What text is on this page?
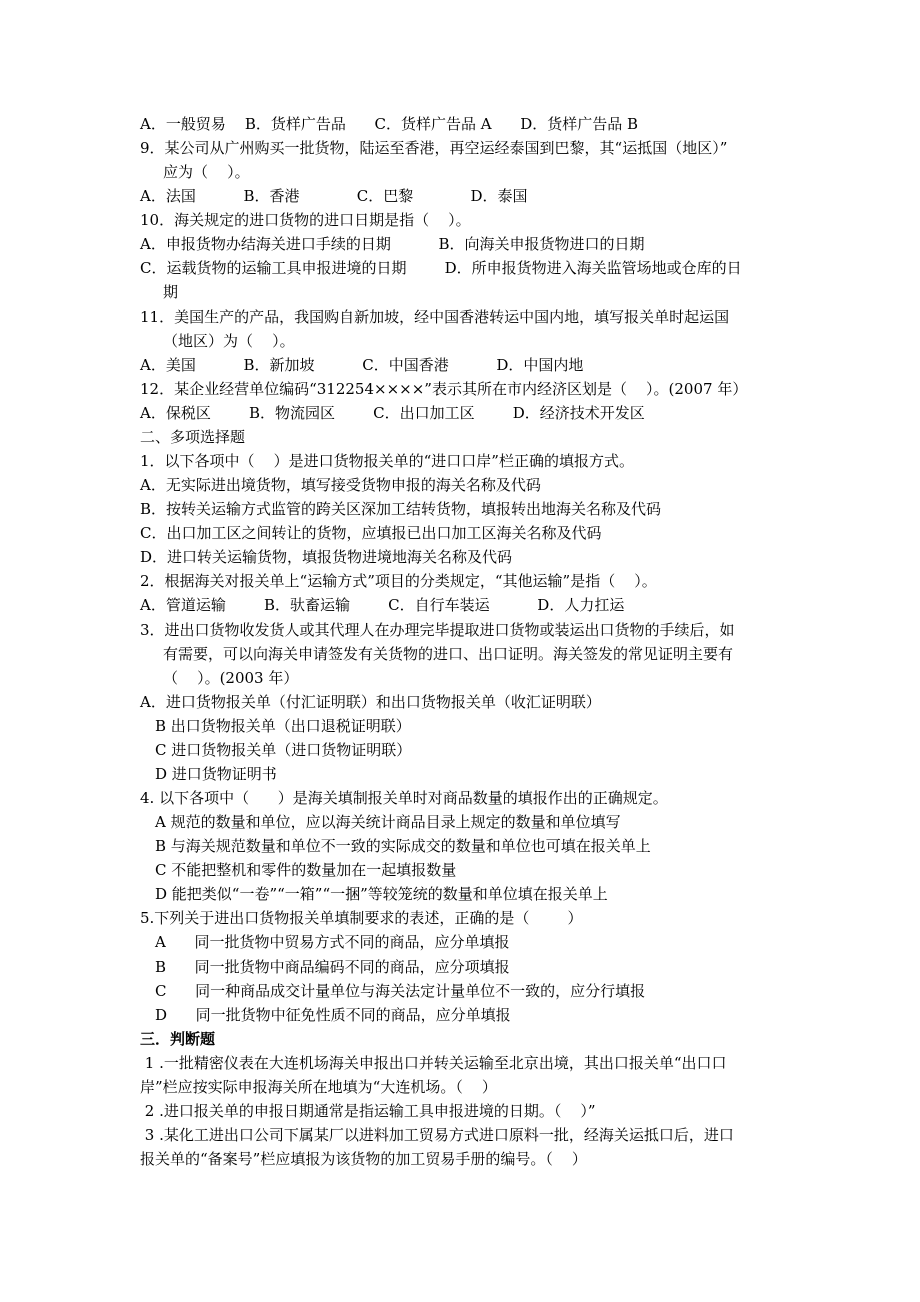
A．一般贸易    B．货样广告品      C．货样广告品 A      D．货样广告品 B
9．某公司从广州购买一批货物，陆运至香港，再空运经泰国到巴黎，其“运抵国（地区）”
应为（    ）。
A．法国          B．香港            C．巴黎            D．泰国
10．海关规定的进口货物的进口日期是指（    ）。
A．申报货物办结海关进口手续的日期          B．向海关申报货物进口的日期
C．运载货物的运输工具申报进境的日期        D．所申报货物进入海关监管场地或仓库的日
期
11．美国生产的产品，我国购自新加坡，经中国香港转运中国内地，填写报关单时起运国
（地区）为（    ）。
A．美国          B．新加坡          C．中国香港          D．中国内地
12．某企业经营单位编码“312254××××”表示其所在市内经济区划是（    ）。(2007 年）
A．保税区        B．物流园区        C．出口加工区        D．经济技术开发区
二、多项选择题
1．以下各项中（    ）是进口货物报关单的“进口口岸”栏正确的填报方式。
A．无实际进出境货物，填写接受货物申报的海关名称及代码
B．按转关运输方式监管的跨关区深加工结转货物，填报转出地海关名称及代码
C．出口加工区之间转让的货物，应填报已出口加工区海关名称及代码
D．进口转关运输货物，填报货物进境地海关名称及代码
2．根据海关对报关单上“运输方式”项目的分类规定，“其他运输”是指（    ）。
A．管道运输        B．驮畜运输        C．自行车装运          D．人力扛运
3．进出口货物收发货人或其代理人在办理完毕提取进口货物或装运出口货物的手续后，如
有需要，可以向海关申请签发有关货物的进口、出口证明。海关签发的常见证明主要有
（    ）。(2003 年）
A．进口货物报关单（付汇证明联）和出口货物报关单（收汇证明联）
B 出口货物报关单（出口退税证明联）
C 进口货物报关单（进口货物证明联）
D 进口货物证明书
4. 以下各项中（      ）是海关填制报关单时对商品数量的填报作出的正确规定。
A 规范的数量和单位，应以海关统计商品目录上规定的数量和单位填写
B 与海关规范数量和单位不一致的实际成交的数量和单位也可填在报关单上
C 不能把整机和零件的数量加在一起填报数量
D 能把类似“一卷”“一箱”“一捆”等较笼统的数量和单位填在报关单上
5.下列关于进出口货物报关单填制要求的表述，正确的是（        ）
A      同一批货物中贸易方式不同的商品，应分单填报
B      同一批货物中商品编码不同的商品，应分项填报
C      同一种商品成交计量单位与海关法定计量单位不一致的，应分行填报
D      同一批货物中征免性质不同的商品，应分单填报
三．判断题
1 .一批精密仪表在大连机场海关申报出口并转关运输至北京出境，其出口报关单“出口口
岸”栏应按实际申报海关所在地填为“大连机场。（    ）
2 .进口报关单的申报日期通常是指运输工具申报进境的日期。（    ）”
3 .某化工进出口公司下属某厂以进料加工贸易方式进口原料一批，经海关运抵口后，进口
报关单的“备案号”栏应填报为该货物的加工贸易手册的编号。（    ）
